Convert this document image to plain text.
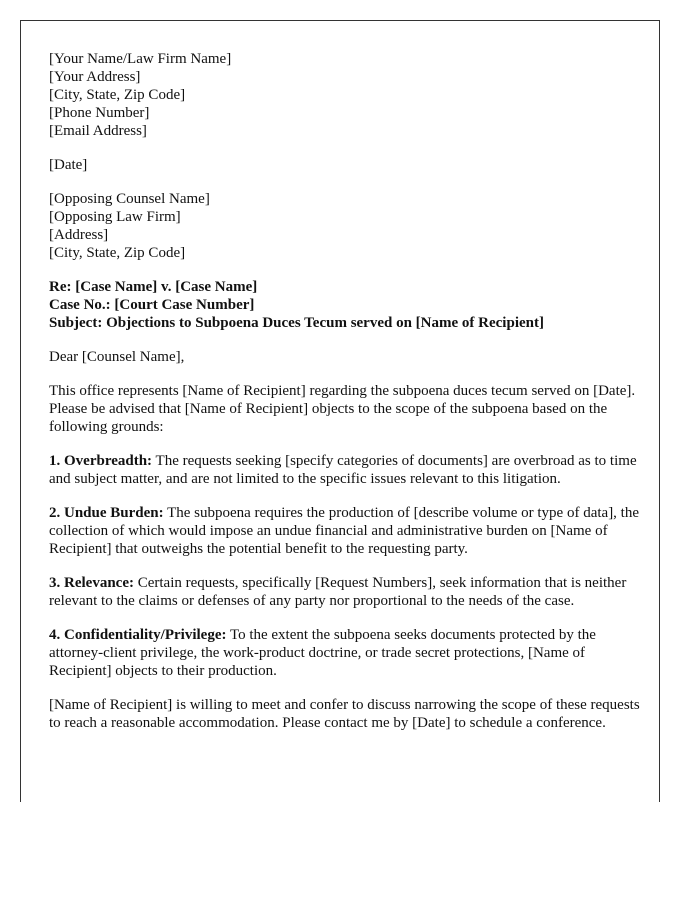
[Your Name/Law Firm Name]
[Your Address]
[City, State, Zip Code]
[Phone Number]
[Email Address]
[Date]
[Opposing Counsel Name]
[Opposing Law Firm]
[Address]
[City, State, Zip Code]
Re: [Case Name] v. [Case Name]
Case No.: [Court Case Number]
Subject: Objections to Subpoena Duces Tecum served on [Name of Recipient]

Dear [Counsel Name],

This office represents [Name of Recipient] regarding the subpoena duces tecum served on [Date]. Please be advised that [Name of Recipient] objects to the scope of the subpoena based on the following grounds:

1. Overbreadth: The requests seeking [specify categories of documents] are overbroad as to time and subject matter, and are not limited to the specific issues relevant to this litigation.

2. Undue Burden: The subpoena requires the production of [describe volume or type of data], the collection of which would impose an undue financial and administrative burden on [Name of Recipient] that outweighs the potential benefit to the requesting party.

3. Relevance: Certain requests, specifically [Request Numbers], seek information that is neither relevant to the claims or defenses of any party nor proportional to the needs of the case.

4. Confidentiality/Privilege: To the extent the subpoena seeks documents protected by the attorney-client privilege, the work-product doctrine, or trade secret protections, [Name of Recipient] objects to their production.

[Name of Recipient] is willing to meet and confer to discuss narrowing the scope of these requests to reach a reasonable accommodation. Please contact me by [Date] to schedule a conference.
